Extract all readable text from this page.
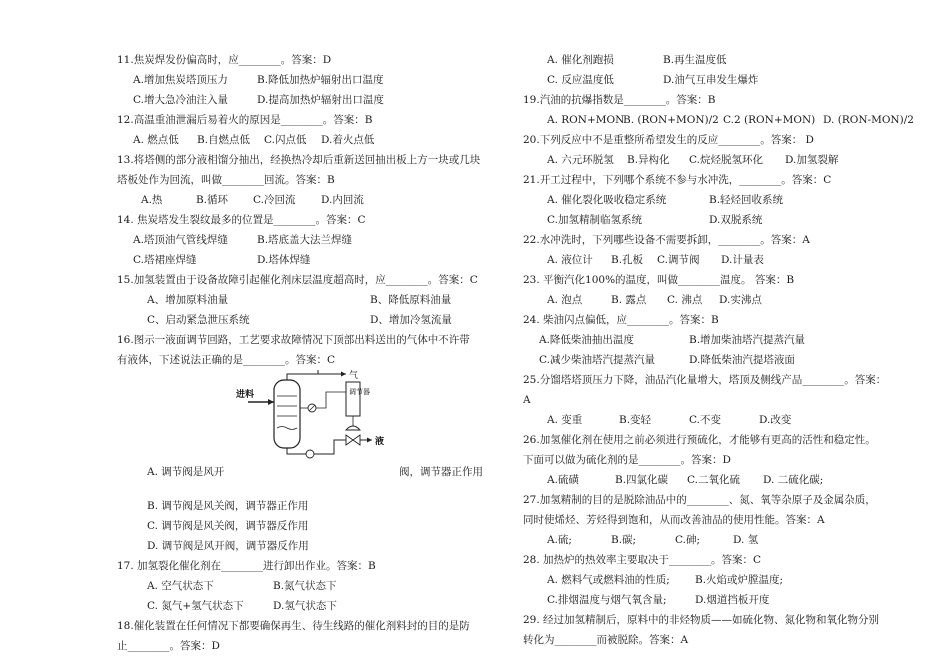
11.焦炭焊发份偏高时，应________。答案：D
A.增加焦炭塔顶压力	B.降低加热炉辐射出口温度
C.增大急冷油注入量	D.提高加热炉辐射出口温度
12.高温重油泄漏后易着火的原因是________。答案：B
A. 燃点低	B.自燃点低	C.闪点低	D.着火点低
13.将塔侧的部分液相馏分抽出，经换热冷却后重新送回抽出板上方一块或几块
塔板处作为回流，叫做________回流。答案：B
A.热	B.循环	C.冷回流	D.内回流
14. 焦炭塔发生裂纹最多的位置是________。答案：C
A.塔顶油气管线焊缝	B.塔底盖大法兰焊缝
C.塔裙座焊缝	D.塔体焊缝
15.加氢装置由于设备故障引起催化剂床层温度超高时，应________。答案：C
A、增加原料油量	B、降低原料油量
C、启动紧急泄压系统	D、增加冷氢流量
16.图示一液面调节回路，工艺要求故障情况下顶部出料送出的气体中不许带
有液体，下述说法正确的是________。答案：C
进料
气
调节器
液
A. 调节阀是风开	阀，调节器正作用
B. 调节阀是风关阀，调节器正作用
C. 调节阀是风关阀，调节器反作用
D. 调节阀是风开阀，调节器反作用
17. 加氢裂化催化剂在________进行卸出作业。答案：B
A. 空气状态下	B.氮气状态下
C. 氮气+氢气状态下	D.氢气状态下
18.催化装置在任何情况下都要确保再生、待生线路的催化剂料封的目的是防
止________。答案：D
A. 催化剂跑损	B.再生温度低
C. 反应温度低	D.油气互串发生爆炸
19.汽油的抗爆指数是________。答案：B
A. RON+MON
B. (RON+MON)/2 C.2 (RON+MON) D. (RON-MON)/2
20.下列反应中不是重整所希望发生的反应________。答案： D
A. 六元环脱氢	B.异构化	C.烷烃脱氢环化	D.加氢裂解
21.开工过程中，下列哪个系统不参与水冲洗，________。答案：C
A. 催化裂化吸收稳定系统	B.轻烃回收系统
C.加氢精制临氢系统	D.双脱系统
22.水冲洗时，下列哪些设备不需要拆卸，________。答案：A
A. 液位计	B.孔板	C.调节阀	D.计量表
23. 平衡汽化100%的温度，叫做________温度。 答案：B
A. 泡点	B. 露点	C. 沸点	D.实沸点
24. 柴油闪点偏低，应________。答案：B
A.降低柴油抽出温度	B.增加柴油塔汽提蒸汽量
C.减少柴油塔汽提蒸汽量	D.降低柴油汽提塔液面
25.分馏塔塔顶压力下降，油品汽化量增大，塔顶及侧线产品________。答案：
A
A. 变重	B.变轻	C.不变	D.改变
26.加氢催化剂在使用之前必须进行预硫化，才能够有更高的活性和稳定性。
下面可以做为硫化剂的是________。答案：D
A.硫磺	B.四氯化碳	C.二氧化硫	D. 二硫化碳;
27.加氢精制的目的是脱除油品中的________、氮、氧等杂原子及金属杂质，
同时使烯烃、芳烃得到饱和，从而改善油品的使用性能。答案：A
A.硫;	B.碳;	C.砷;	D. 氢
28. 加热炉的热效率主要取决于________。答案：C
A. 燃料气或燃料油的性质;	B.火焰或炉膛温度;
C.排烟温度与烟气氧含量;	D.烟道挡板开度
29. 经过加氢精制后，原料中的非烃物质——如硫化物、氮化物和氧化物分别
转化为________而被脱除。答案：A
